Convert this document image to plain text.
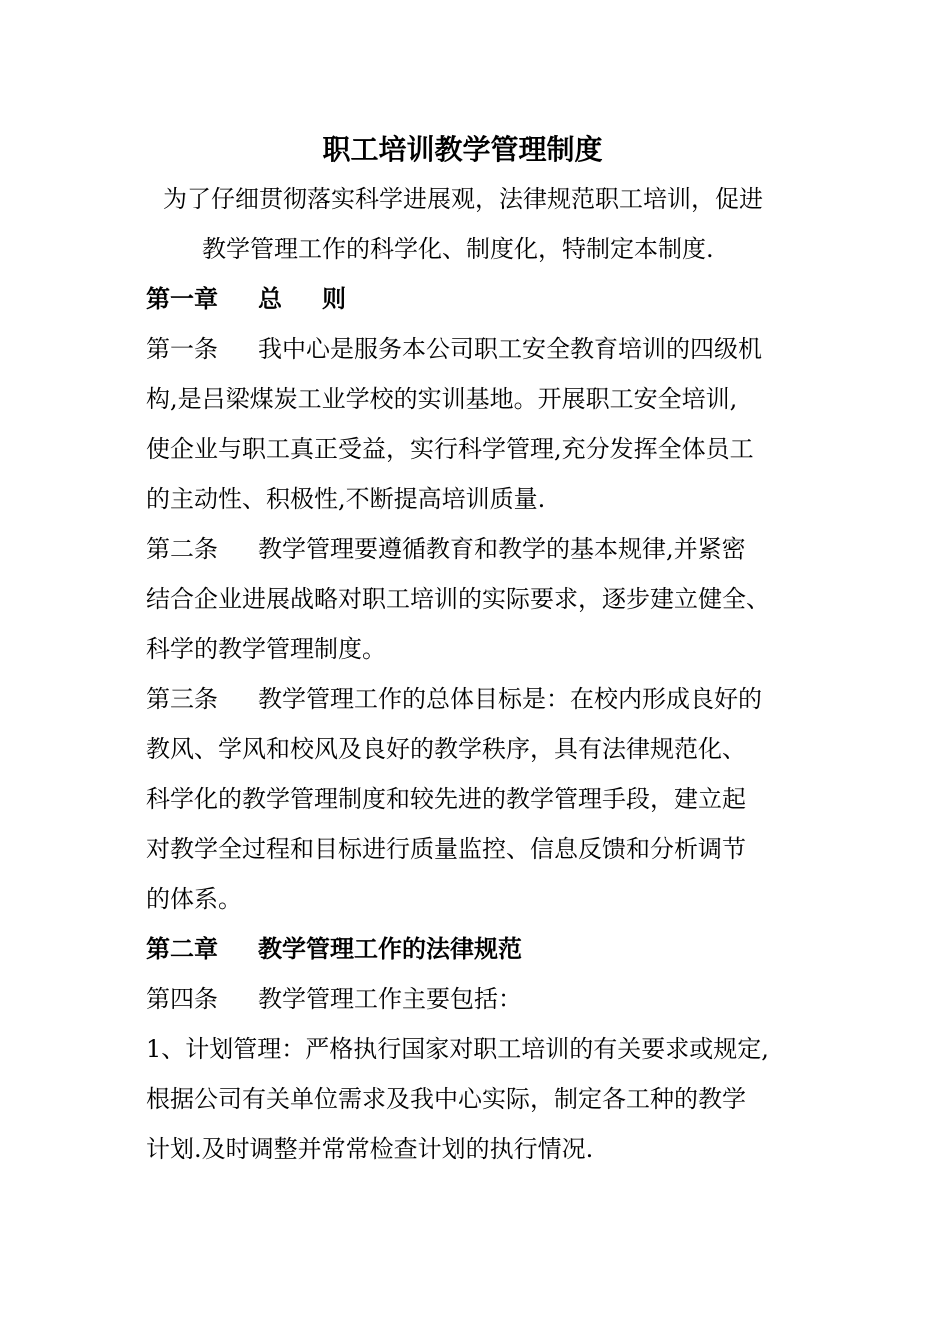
职工培训教学管理制度
为了仔细贯彻落实科学进展观，法律规范职工培训，促进
教学管理工作的科学化、制度化，特制定本制度.
第一章 总 则
第一条 我中心是服务本公司职工安全教育培训的四级机
构,是吕梁煤炭工业学校的实训基地。开展职工安全培训,
使企业与职工真正受益，实行科学管理,充分发挥全体员工
的主动性、积极性,不断提高培训质量.
第二条 教学管理要遵循教育和教学的基本规律,并紧密
结合企业进展战略对职工培训的实际要求，逐步建立健全、
科学的教学管理制度。
第三条 教学管理工作的总体目标是：在校内形成良好的
教风、学风和校风及良好的教学秩序，具有法律规范化、
科学化的教学管理制度和较先进的教学管理手段，建立起
对教学全过程和目标进行质量监控、信息反馈和分析调节
的体系。
第二章 教学管理工作的法律规范
第四条 教学管理工作主要包括：
1、计划管理：严格执行国家对职工培训的有关要求或规定,
根据公司有关单位需求及我中心实际，制定各工种的教学
计划.及时调整并常常检查计划的执行情况.
